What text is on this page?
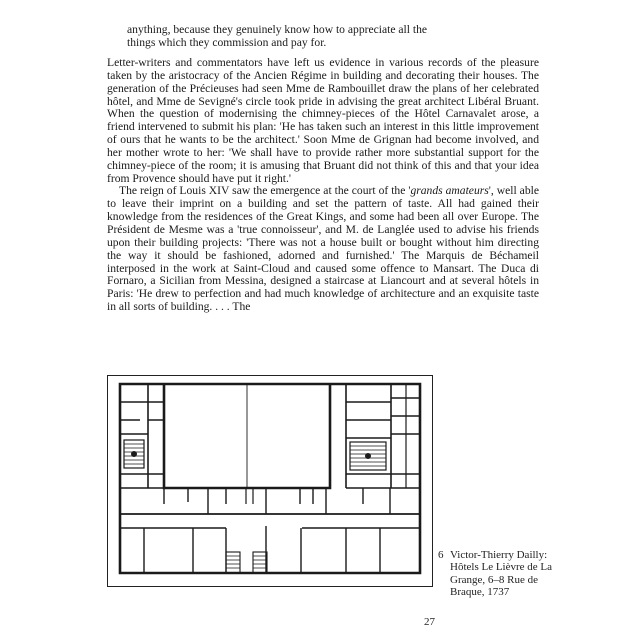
anything, because they genuinely know how to appreciate all the

things which they commission and pay for.

Letter-writers and commentators have left us evidence in various records of the pleasure taken by the aristocracy of the Ancien Régime in building and decorating their houses. The generation of the Précieuses had seen Mme de Rambouillet draw the plans of her celebrated hôtel, and Mme de Sevigné's circle took pride in advising the great architect Libéral Bruant. When the question of modernising the chimney-pieces of the Hôtel Carnavalet arose, a friend intervened to submit his plan: 'He has taken such an interest in this little improvement of ours that he wants to be the architect.' Soon Mme de Grignan had become involved, and her mother wrote to her: 'We shall have to provide rather more substantial support for the chimney-piece of the room; it is amusing that Bruant did not think of this and that your idea from Provence should have put it right.'

The reign of Louis XIV saw the emergence at the court of the 'grands amateurs', well able to leave their imprint on a building and set the pattern of taste. All had gained their knowledge from the residences of the Great Kings, and some had been all over Europe. The Président de Mesme was a 'true connoisseur', and M. de Langlée used to advise his friends upon their building projects: 'There was not a house built or bought without him directing the way it should be fashioned, adorned and furnished.' The Marquis de Béchameil interposed in the work at Saint-Cloud and caused some offence to Mansart. The Duca di Fornaro, a Sicilian from Messina, designed a staircase at Liancourt and at several hôtels in Paris: 'He drew to perfection and had much knowledge of architecture and an exquisite taste in all sorts of building. . . . The

6 Victor-Thierry Dailly: Hôtels Le Lièvre de La Grange, 6–8 Rue de Braque, 1737
27
